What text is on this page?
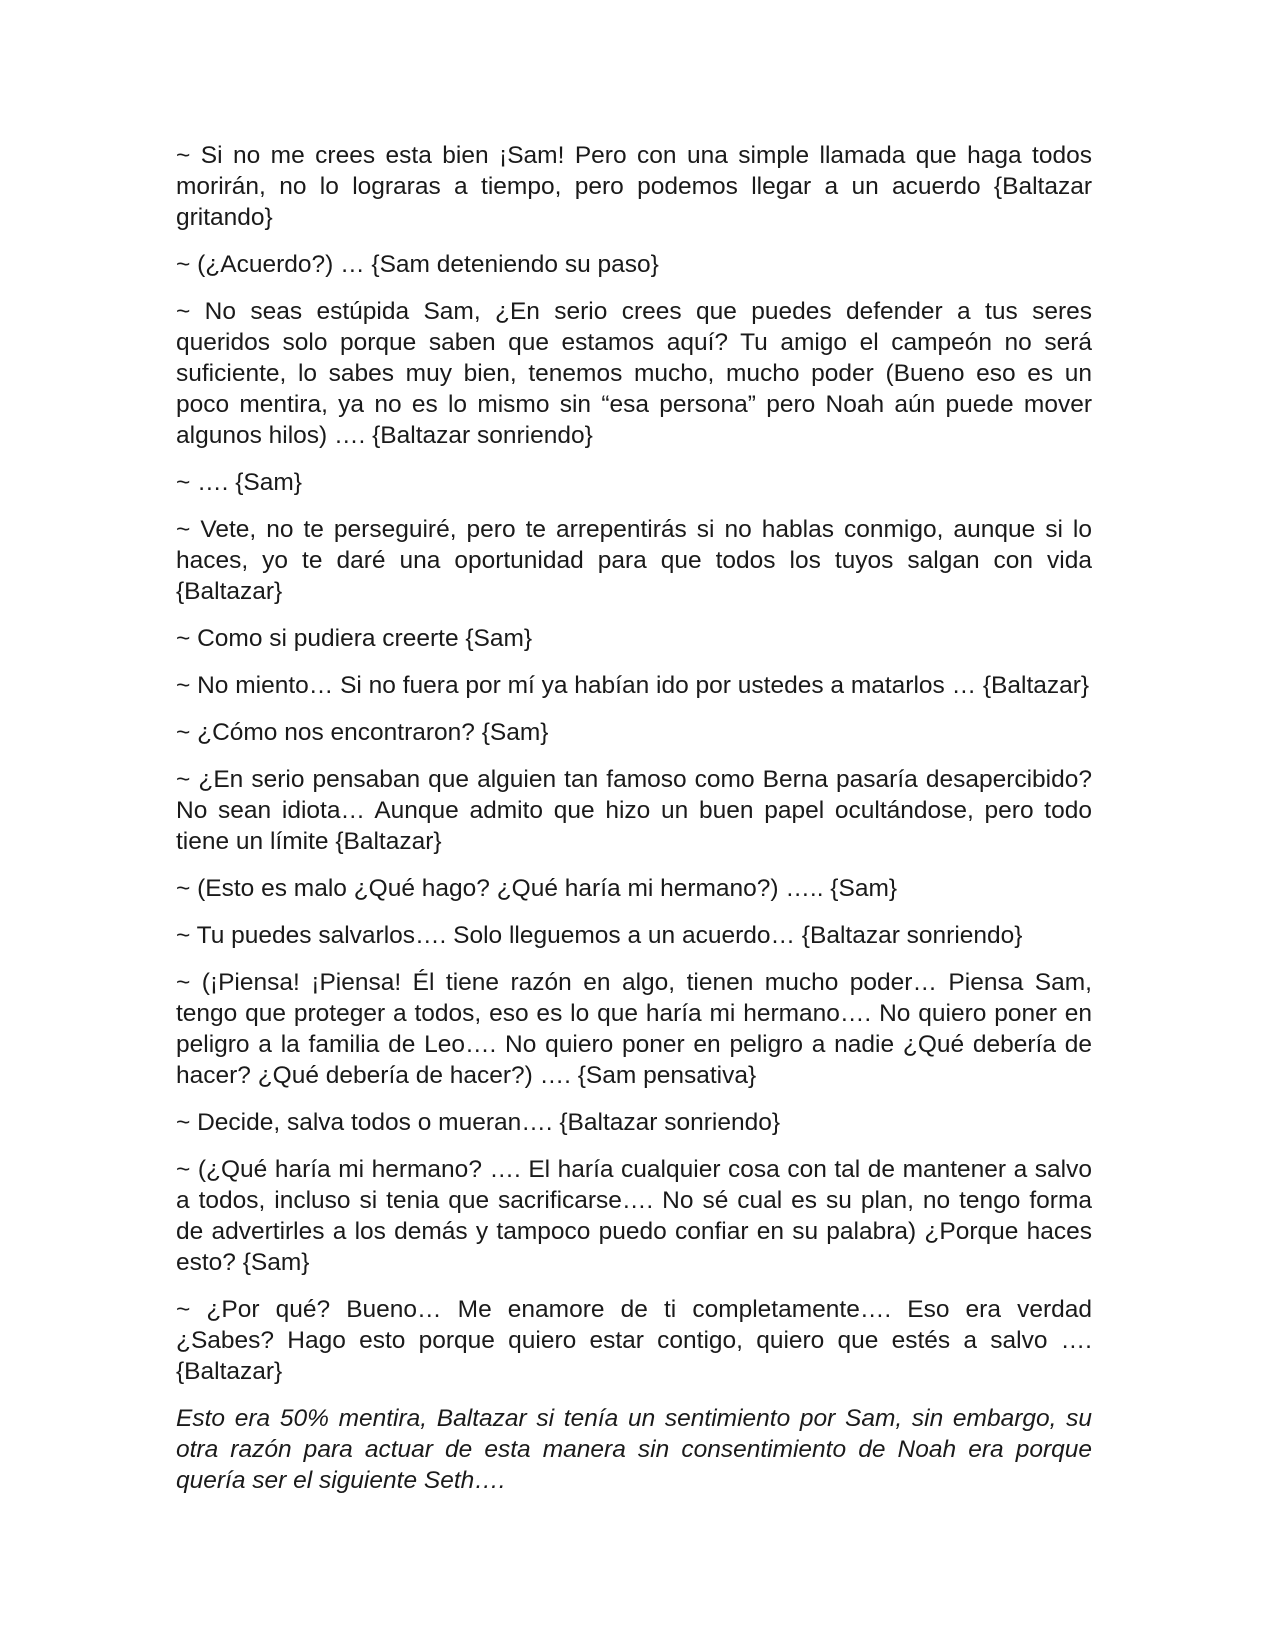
~ Si no me crees esta bien ¡Sam! Pero con una simple llamada que haga todos morirán, no lo lograras a tiempo, pero podemos llegar a un acuerdo {Baltazar gritando}

~ (¿Acuerdo?) … {Sam deteniendo su paso}

~ No seas estúpida Sam, ¿En serio crees que puedes defender a tus seres queridos solo porque saben que estamos aquí? Tu amigo el campeón no será suficiente, lo sabes muy bien, tenemos mucho, mucho poder (Bueno eso es un poco mentira, ya no es lo mismo sin “esa persona” pero Noah aún puede mover algunos hilos) …. {Baltazar sonriendo}

~ …. {Sam}

~ Vete, no te perseguiré, pero te arrepentirás si no hablas conmigo, aunque si lo haces, yo te daré una oportunidad para que todos los tuyos salgan con vida {Baltazar}

~ Como si pudiera creerte {Sam}

~ No miento… Si no fuera por mí ya habían ido por ustedes a matarlos … {Baltazar}

~ ¿Cómo nos encontraron? {Sam}

~ ¿En serio pensaban que alguien tan famoso como Berna pasaría desapercibido? No sean idiota… Aunque admito que hizo un buen papel ocultándose, pero todo tiene un límite {Baltazar}

~ (Esto es malo ¿Qué hago? ¿Qué haría mi hermano?) ….. {Sam}

~ Tu puedes salvarlos…. Solo lleguemos a un acuerdo… {Baltazar sonriendo}

~ (¡Piensa! ¡Piensa! Él tiene razón en algo, tienen mucho poder… Piensa Sam, tengo que proteger a todos, eso es lo que haría mi hermano…. No quiero poner en peligro a la familia de Leo…. No quiero poner en peligro a nadie ¿Qué debería de hacer? ¿Qué debería de hacer?) …. {Sam pensativa}

~ Decide, salva todos o mueran…. {Baltazar sonriendo}

~ (¿Qué haría mi hermano? …. El haría cualquier cosa con tal de mantener a salvo a todos, incluso si tenia que sacrificarse…. No sé cual es su plan, no tengo forma de advertirles a los demás y tampoco puedo confiar en su palabra) ¿Porque haces esto? {Sam}

~ ¿Por qué? Bueno… Me enamore de ti completamente…. Eso era verdad ¿Sabes? Hago esto porque quiero estar contigo, quiero que estés a salvo …. {Baltazar}

Esto era 50% mentira, Baltazar si tenía un sentimiento por Sam, sin embargo, su otra razón para actuar de esta manera sin consentimiento de Noah era porque quería ser el siguiente Seth….
